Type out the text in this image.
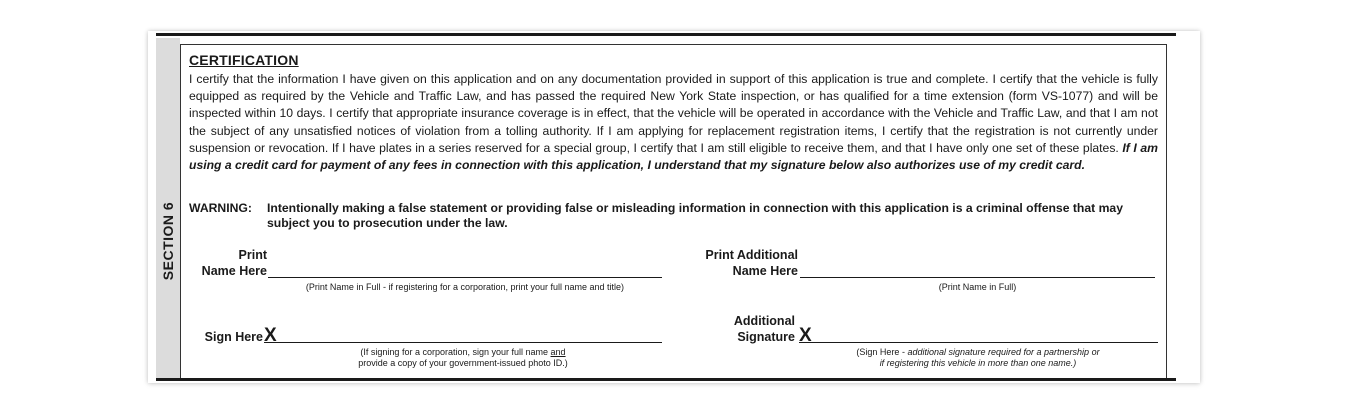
SECTION 6
CERTIFICATION
I certify that the information I have given on this application and on any documentation provided in support of this application is true and complete. I certify that the vehicle is fully equipped as required by the Vehicle and Traffic Law, and has passed the required New York State inspection, or has qualified for a time extension (form VS-1077) and will be inspected within 10 days. I certify that appropriate insurance coverage is in effect, that the vehicle will be operated in accordance with the Vehicle and Traffic Law, and that I am not the subject of any unsatisfied notices of violation from a tolling authority. If I am applying for replacement registration items, I certify that the registration is not currently under suspension or revocation. If I have plates in a series reserved for a special group, I certify that I am still eligible to receive them, and that I have only one set of these plates. If I am using a credit card for payment of any fees in connection with this application, I understand that my signature below also authorizes use of my credit card.
WARNING: Intentionally making a false statement or providing false or misleading information in connection with this application is a criminal offense that may subject you to prosecution under the law.
Print
Name Here
(Print Name in Full - if registering for a corporation, print your full name and title)
Print Additional
Name Here
(Print Name in Full)
Sign Here X
(If signing for a corporation, sign your full name and
provide a copy of your government-issued photo ID.)
Additional
Signature X
(Sign Here - additional signature required for a partnership or
if registering this vehicle in more than one name.)
